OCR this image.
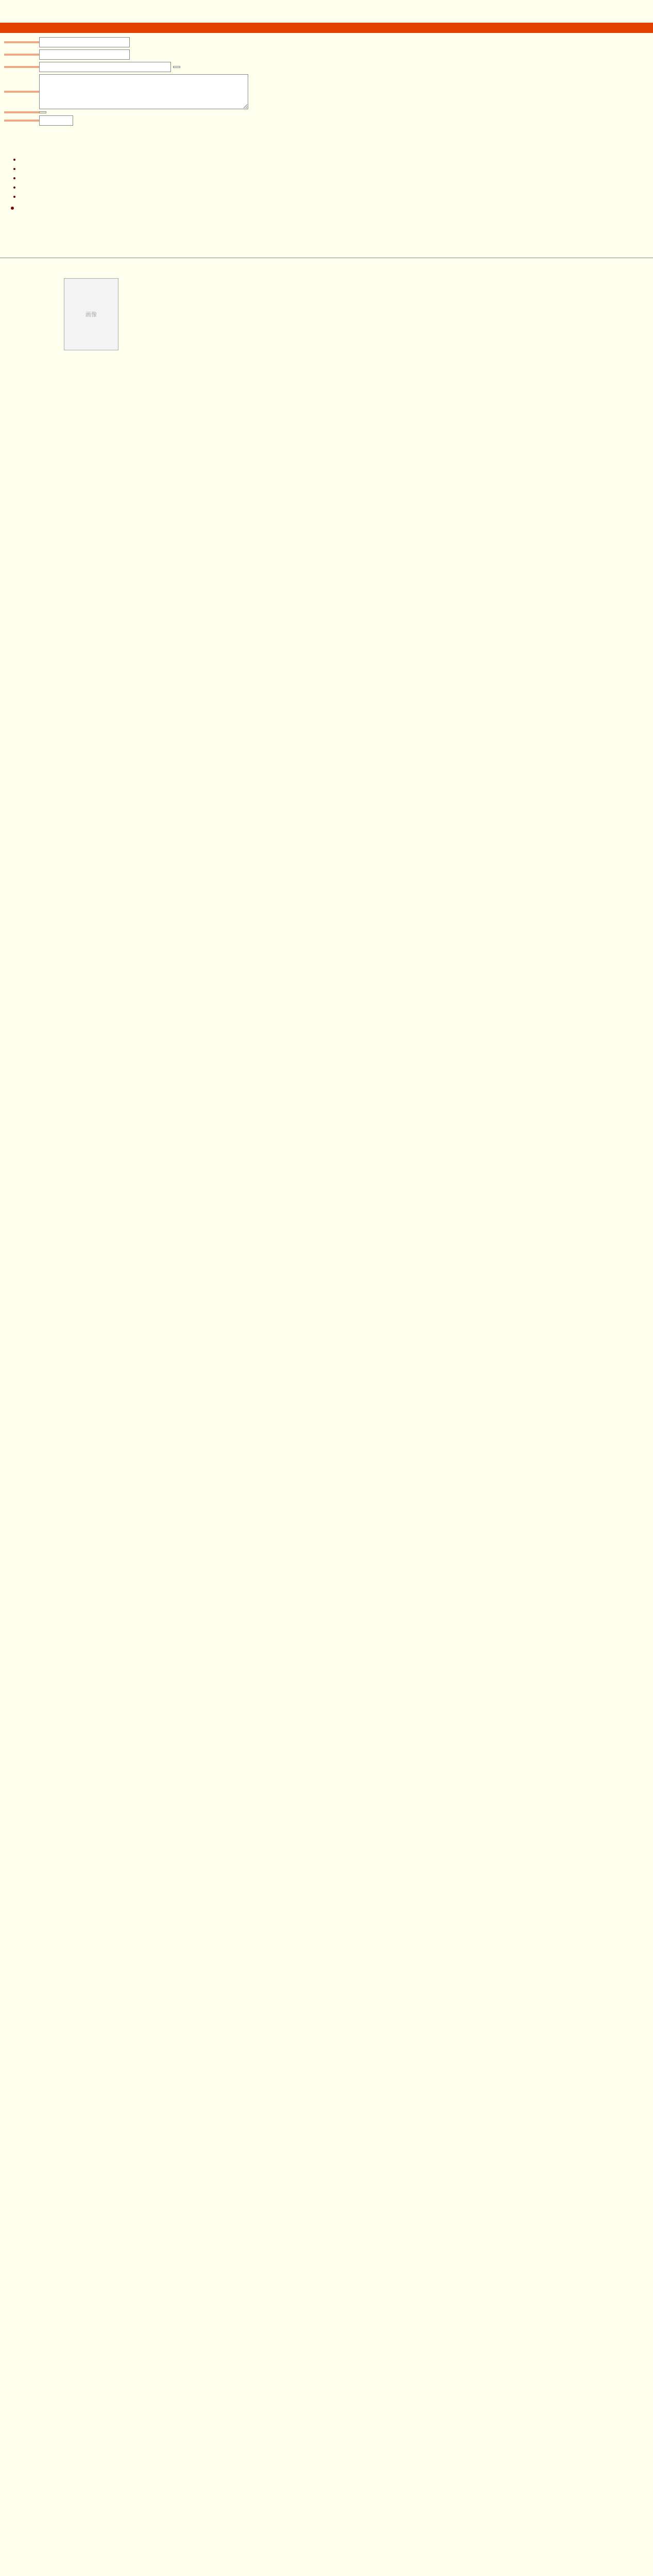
画像
